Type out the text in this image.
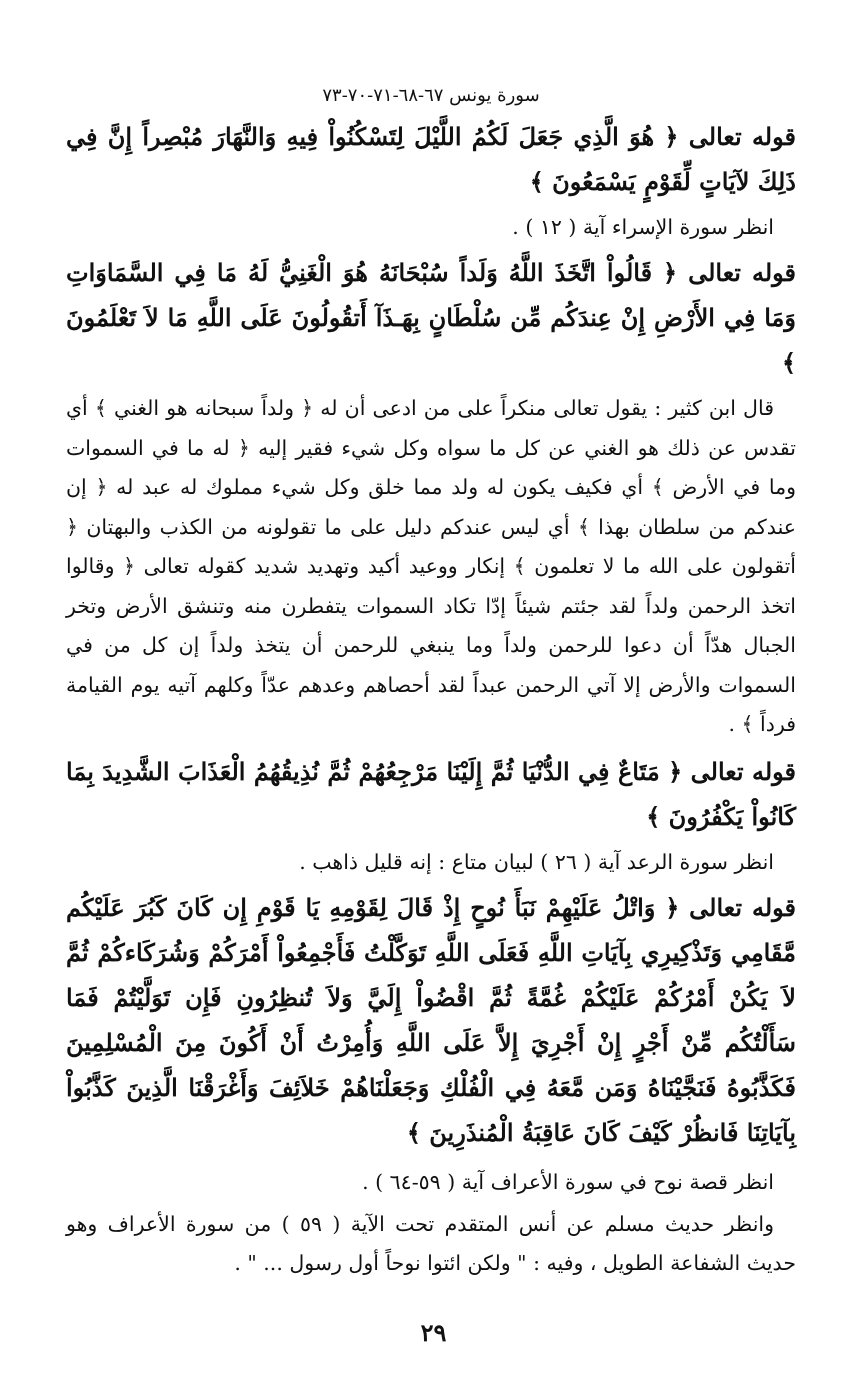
سورة يونس ٦٧-٦٨-٧١-٧٠-٧٣

قوله تعالى ﴿ هُوَ الَّذِي جَعَلَ لَكُمُ اللَّيْلَ لِتَسْكُنُواْ فِيهِ وَالنَّهَارَ مُبْصِراً إِنَّ فِي ذَلِكَ لآيَاتٍ لِّقَوْمٍ يَسْمَعُونَ ﴾

انظر سورة الإسراء آية ( ١٢ ) .

قوله تعالى ﴿ قَالُواْ اتَّخَذَ اللَّهُ وَلَداً سُبْحَانَهُ هُوَ الْغَنِيُّ لَهُ مَا فِي السَّمَاوَاتِ وَمَا فِي الأَرْضِ إِنْ عِندَكُم مِّن سُلْطَانٍ بِهَـذَآ أَتقُولُونَ عَلَى اللَّهِ مَا لاَ تَعْلَمُونَ ﴾

قال ابن كثير : يقول تعالى منكراً على من ادعى أن له ﴿ ولداً سبحانه هو الغني ﴾ أي تقدس عن ذلك هو الغني عن كل ما سواه وكل شيء فقير إليه ﴿ له ما في السموات وما في الأرض ﴾ أي فكيف يكون له ولد مما خلق وكل شيء مملوك له عبد له ﴿ إن عندكم من سلطان بهذا ﴾ أي ليس عندكم دليل على ما تقولونه من الكذب والبهتان ﴿ أتقولون على الله ما لا تعلمون ﴾ إنكار ووعيد أكيد وتهديد شديد كقوله تعالى ﴿ وقالوا اتخذ الرحمن ولداً لقد جئتم شيئاً إدّا تكاد السموات يتفطرن منه وتنشق الأرض وتخر الجبال هدّاً أن دعوا للرحمن ولداً وما ينبغي للرحمن أن يتخذ ولداً إن كل من في السموات والأرض إلا آتي الرحمن عبداً لقد أحصاهم وعدهم عدّاً وكلهم آتيه يوم القيامة فرداً ﴾ .

قوله تعالى ﴿ مَتَاعٌ فِي الدُّنْيَا ثُمَّ إِلَيْنَا مَرْجِعُهُمْ ثُمَّ نُذِيقُهُمُ الْعَذَابَ الشَّدِيدَ بِمَا كَانُواْ يَكْفُرُونَ ﴾

انظر سورة الرعد آية ( ٢٦ ) لبيان متاع : إنه قليل ذاهب .

قوله تعالى ﴿ وَاتْلُ عَلَيْهِمْ نَبَأَ نُوحٍ إِذْ قَالَ لِقَوْمِهِ يَا قَوْمِ إِن كَانَ كَبُرَ عَلَيْكُم مَّقَامِي وَتَذْكِيرِي بِآيَاتِ اللَّهِ فَعَلَى اللَّهِ تَوَكَّلْتُ فَأَجْمِعُواْ أَمْرَكُمْ وَشُرَكَاءكُمْ ثُمَّ لاَ يَكُنْ أَمْرُكُمْ عَلَيْكُمْ غُمَّةً ثُمَّ اقْضُواْ إِلَيَّ وَلاَ تُنظِرُونِ فَإِن تَوَلَّيْتُمْ فَمَا سَأَلْتُكُم مِّنْ أَجْرٍ إِنْ أَجْرِيَ إِلاَّ عَلَى اللَّهِ وَأُمِرْتُ أَنْ أَكُونَ مِنَ الْمُسْلِمِينَ فَكَذَّبُوهُ فَنَجَّيْنَاهُ وَمَن مَّعَهُ فِي الْفُلْكِ وَجَعَلْنَاهُمْ خَلاَئِفَ وَأَغْرَقْنَا الَّذِينَ كَذَّبُواْ بِآيَاتِنَا فَانظُرْ كَيْفَ كَانَ عَاقِبَةُ الْمُنذَرِينَ ﴾

انظر قصة نوح في سورة الأعراف آية ( ٥٩-٦٤ ) .

وانظر حديث مسلم عن أنس المتقدم تحت الآية ( ٥٩ ) من سورة الأعراف وهو حديث الشفاعة الطويل ، وفيه : " ولكن ائتوا نوحاً أول رسول ... " .

٢٩
